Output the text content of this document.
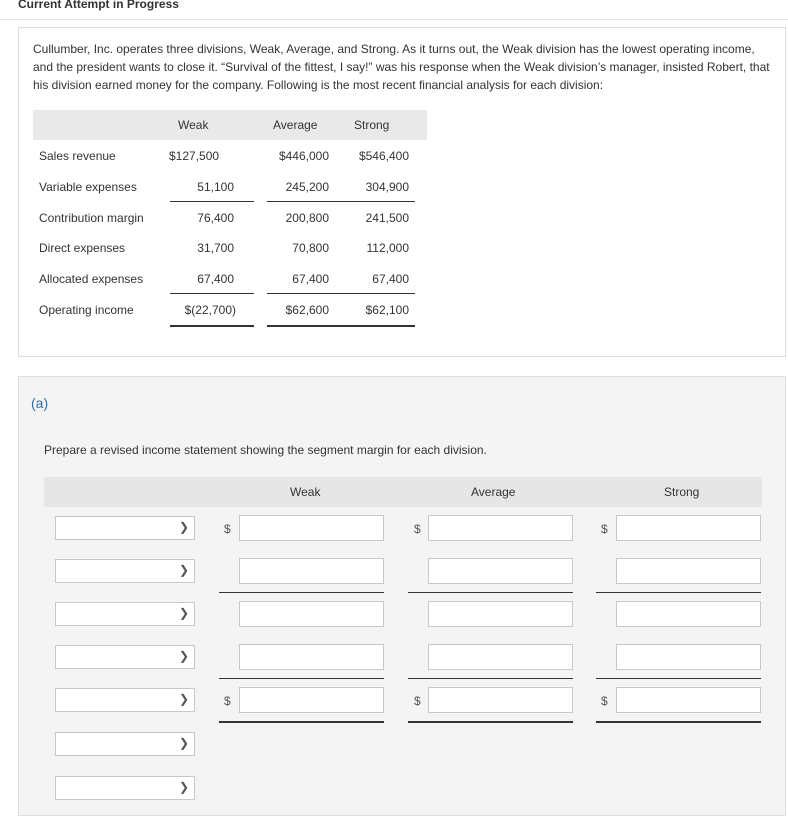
Current Attempt in Progress
Cullumber, Inc. operates three divisions, Weak, Average, and Strong. As it turns out, the Weak division has the lowest operating income, and the president wants to close it. “Survival of the fittest, I say!” was his response when the Weak division’s manager, insisted Robert, that his division earned money for the company. Following is the most recent financial analysis for each division:
Weak	Average	Strong
Sales revenue	$127,500	$446,000	$546,400
Variable expenses	51,100	245,200	304,900
Contribution margin	76,400	200,800	241,500
Direct expenses	31,700	70,800	112,000
Allocated expenses	67,400	67,400	67,400
Operating income	$(22,700)	$62,600	$62,100
(a)
Prepare a revised income statement showing the segment margin for each division.
Weak	Average	Strong
❯	$	$	$
❯
❯
❯
❯	$	$	$
❯
❯
